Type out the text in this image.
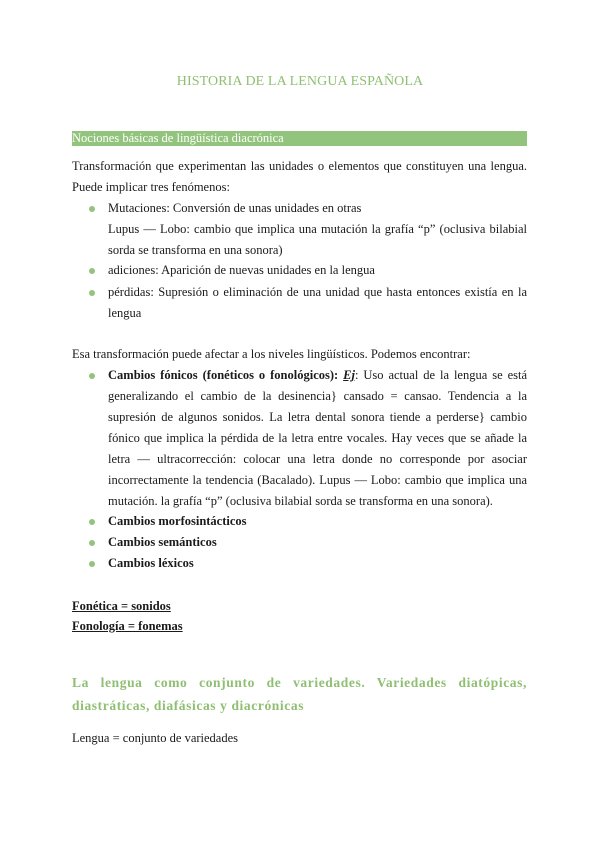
HISTORIA DE LA LENGUA ESPAÑOLA
Nociones básicas de lingüística diacrónica
Transformación que experimentan las unidades o elementos que constituyen una lengua. Puede implicar tres fenómenos:
Mutaciones: Conversión de unas unidades en otras
Lupus — Lobo: cambio que implica una mutación la grafía “p” (oclusiva bilabial sorda se transforma en una sonora)
adiciones: Aparición de nuevas unidades en la lengua
pérdidas: Supresión o eliminación de una unidad que hasta entonces existía en la lengua
Esa transformación puede afectar a los niveles lingüísticos. Podemos encontrar:
Cambios fónicos (fonéticos o fonológicos): Ej: Uso actual de la lengua se está generalizando el cambio de la desinencia} cansado = cansao. Tendencia a la supresión de algunos sonidos. La letra dental sonora tiende a perderse} cambio fónico que implica la pérdida de la letra entre vocales. Hay veces que se añade la letra — ultracorrección: colocar una letra donde no corresponde por asociar incorrectamente la tendencia (Bacalado). Lupus — Lobo: cambio que implica una mutación. la grafía “p” (oclusiva bilabial sorda se transforma en una sonora).
Cambios morfosintácticos
Cambios semánticos
Cambios léxicos
Fonética = sonidos
Fonología = fonemas
La lengua como conjunto de variedades. Variedades diatópicas, diastráticas, diafásicas y diacrónicas
Lengua = conjunto de variedades
